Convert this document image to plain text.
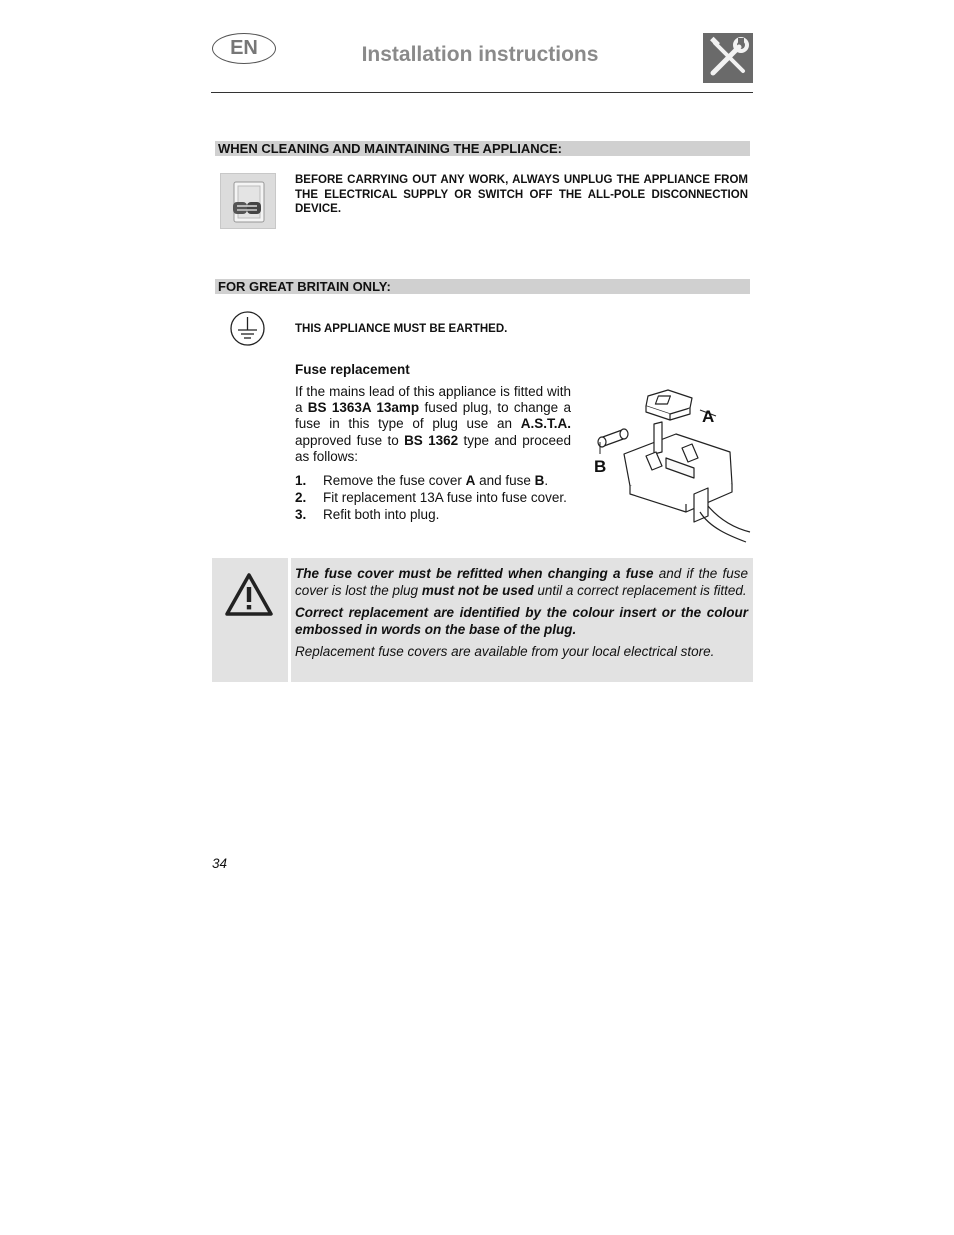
EN	Installation instructions
WHEN CLEANING AND MAINTAINING THE APPLIANCE:
BEFORE CARRYING OUT ANY WORK, ALWAYS UNPLUG THE APPLIANCE FROM THE ELECTRICAL SUPPLY OR SWITCH OFF THE ALL-POLE DISCONNECTION DEVICE.
FOR GREAT BRITAIN ONLY:
THIS APPLIANCE MUST BE EARTHED.
Fuse replacement
If the mains lead of this appliance is fitted with a BS 1363A 13amp fused plug, to change a fuse in this type of plug use an A.S.T.A. approved fuse to BS 1362 type and proceed as follows:
1.	Remove the fuse cover A and fuse B.
2.	Fit replacement 13A fuse into fuse cover.
3.	Refit both into plug.
A
B

The fuse cover must be refitted when changing a fuse and if the fuse cover is lost the plug must not be used until a correct replacement is fitted.

Correct replacement are identified by the colour insert or the colour embossed in words on the base of the plug.

Replacement fuse covers are available from your local electrical store.

34
